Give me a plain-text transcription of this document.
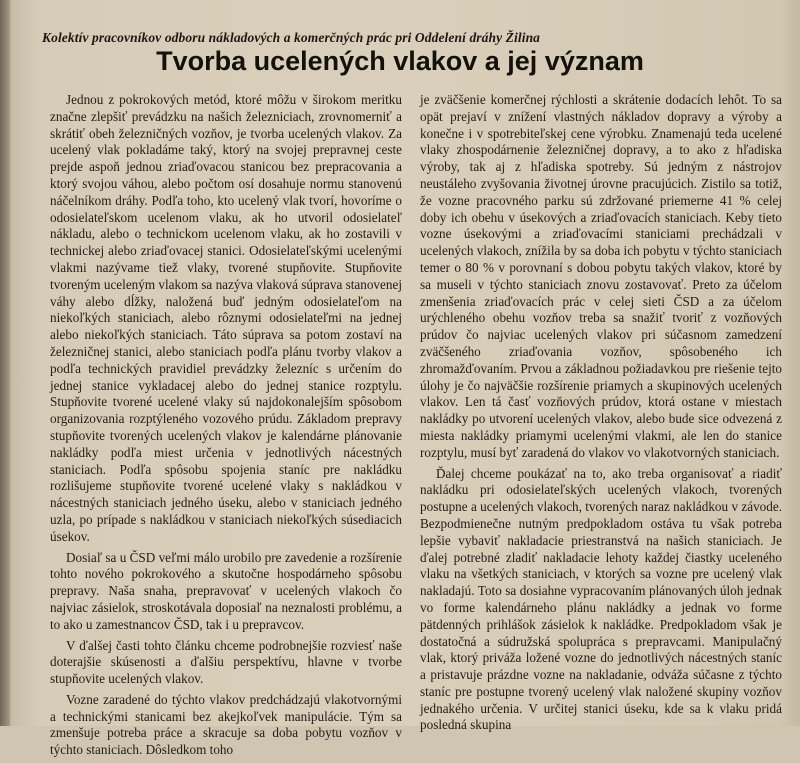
Kolektív pracovníkov odboru nákladových a komerčných prác pri Oddelení dráhy Žilina
Tvorba ucelených vlakov a jej význam

Jednou z pokrokových metód, ktoré môžu v širokom meritku značne zlepšiť prevádzku na našich železniciach, zrovnomerniť a skrátiť obeh železničných vozňov, je tvorba ucelených vlakov. Za ucelený vlak pokladáme taký, ktorý na svojej prepravnej ceste prejde aspoň jednou zriaďovacou stanicou bez prepracovania a ktorý svojou váhou, alebo počtom osí dosahuje normu stanovenú náčelníkom dráhy. Podľa toho, kto ucelený vlak tvorí, hovoríme o odosielateľskom ucelenom vlaku, ak ho utvoril odosielateľ nákladu, alebo o technickom ucelenom vlaku, ak ho zostavili v technickej alebo zriaďovacej stanici. Odosielateľskými ucelenými vlakmi nazývame tiež vlaky, tvorené stupňovite. Stupňovite tvoreným uceleným vlakom sa nazýva vlaková súprava stanovenej váhy alebo dĺžky, naložená buď jedným odosielateľom na niekoľkých staniciach, alebo rôznymi odosielateľmi na jednej alebo niekoľkých staniciach. Táto súprava sa potom zostaví na železničnej stanici, alebo staniciach podľa plánu tvorby vlakov a podľa technických pravidiel prevádzky železníc s určením do jednej stanice vykladacej alebo do jednej stanice rozptylu. Stupňovite tvorené ucelené vlaky sú najdokonalejším spôsobom organizovania rozptýleného vozového prúdu. Základom prepravy stupňovite tvorených ucelených vlakov je kalendárne plánovanie nakládky podľa miest určenia v jednotlivých nácestných staniciach. Podľa spôsobu spojenia staníc pre nakládku rozlišujeme stupňovite tvorené ucelené vlaky s nakládkou v nácestných staniciach jedného úseku, alebo v staniciach jedného uzla, po prípade s nakládkou v staniciach niekoľkých súsediacich úsekov.

Dosiaľ sa u ČSD veľmi málo urobilo pre zavedenie a rozšírenie tohto nového pokrokového a skutočne hospodárneho spôsobu prepravy. Naša snaha, prepravovať v ucelených vlakoch čo najviac zásielok, stroskotávala doposiaľ na neznalosti problému, a to ako u zamestnancov ČSD, tak i u prepravcov.

V ďalšej časti tohto článku chceme podrobnejšie rozviesť naše doterajšie skúsenosti a ďalšiu perspektívu, hlavne v tvorbe stupňovite ucelených vlakov.

Vozne zaradené do týchto vlakov predchádzajú vlakotvornými a technickými stanicami bez akejkoľvek manipulácie. Tým sa zmenšuje potreba práce a skracuje sa doba pobytu vozňov v týchto staniciach. Dôsledkom toho

je zväčšenie komerčnej rýchlosti a skrátenie dodacích lehôt. To sa opät prejaví v znížení vlastných nákladov dopravy a výroby a konečne i v spotrebiteľskej cene výrobku. Znamenajú teda ucelené vlaky zhospodárnenie železničnej dopravy, a to ako z hľadiska výroby, tak aj z hľadiska spotreby. Sú jedným z nástrojov neustáleho zvyšovania životnej úrovne pracujúcich. Zistilo sa totiž, že vozne pracovného parku sú zdržované priemerne 41 % celej doby ich obehu v úsekových a zriaďovacích staniciach. Keby tieto vozne úsekovými a zriaďovacími staniciami prechádzali v ucelených vlakoch, znížila by sa doba ich pobytu v týchto staniciach temer o 80 % v porovnaní s dobou pobytu takých vlakov, ktoré by sa museli v týchto staniciach znovu zostavovať. Preto za účelom zmenšenia zriaďovacích prác v celej sieti ČSD a za účelom urýchleného obehu vozňov treba sa snažiť tvoriť z vozňových prúdov čo najviac ucelených vlakov pri súčasnom zamedzení zväčšeného zriaďovania vozňov, spôsobeného ich zhromažďovaním. Prvou a základnou požiadavkou pre riešenie tejto úlohy je čo najväčšie rozšírenie priamych a skupinových ucelených vlakov. Len tá časť vozňových prúdov, ktorá ostane v miestach nakládky po utvorení ucelených vlakov, alebo bude sice odvezená z miesta nakládky priamymi ucelenými vlakmi, ale len do stanice rozptylu, musí byť zaradená do vlakov vo vlakotvorných staniciach.

Ďalej chceme poukázať na to, ako treba organisovať a riadiť nakládku pri odosielateľských ucelených vlakoch, tvorených postupne a ucelených vlakoch, tvorených naraz nakládkou v závode. Bezpodmienečne nutným predpokladom ostáva tu však potreba lepšie vybaviť nakladacie priestranstvá na našich staniciach. Je ďalej potrebné zladiť nakladacie lehoty každej čiastky uceleného vlaku na všetkých staniciach, v ktorých sa vozne pre ucelený vlak nakladajú. Toto sa dosiahne vypracovaním plánovaných úloh jednak vo forme kalendárneho plánu nakládky a jednak vo forme pätdenných prihlášok zásielok k nakládke. Predpokladom však je dostatočná a súdružská spolupráca s prepravcami. Manipulačný vlak, ktorý priváža ložené vozne do jednotlivých nácestných staníc a pristavuje prázdne vozne na nakladanie, odváža súčasne z týchto staníc pre postupne tvorený ucelený vlak naložené skupiny vozňov jednakého určenia. V určitej stanici úseku, kde sa k vlaku pridá posledná skupina
